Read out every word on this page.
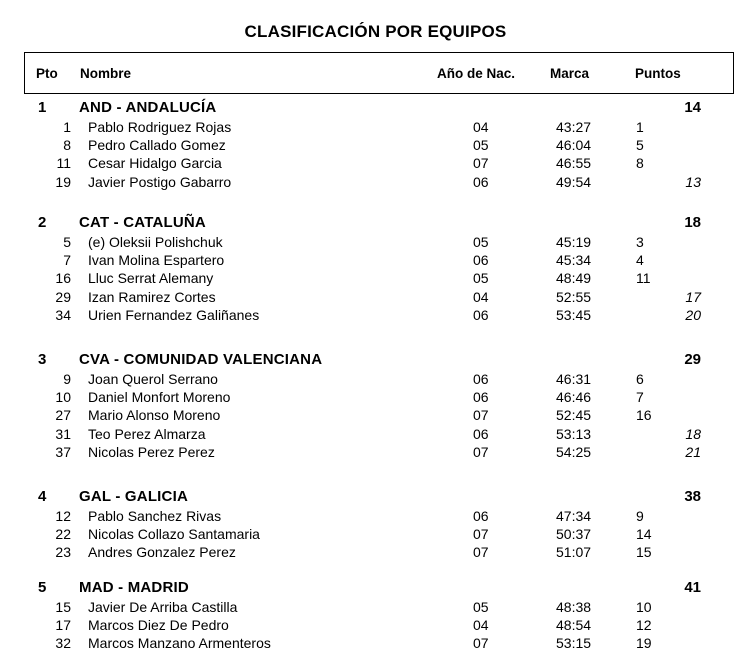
CLASIFICACIÓN POR EQUIPOS
Pto Nombre	Año de Nac.	Marca	Puntos
1 AND - ANDALUCÍA	14
1 Pablo Rodriguez Rojas	04	43:27	1
8 Pedro Callado Gomez	05	46:04	5
11 Cesar Hidalgo Garcia	07	46:55	8
19 Javier Postigo Gabarro	06	49:54	13
2 CAT - CATALUÑA	18
5 (e) Oleksii Polishchuk	05	45:19	3
7 Ivan Molina Espartero	06	45:34	4
16 Lluc Serrat Alemany	05	48:49	11
29 Izan Ramirez Cortes	04	52:55	17
34 Urien Fernandez Galiñanes	06	53:45	20
3 CVA - COMUNIDAD VALENCIANA	29
9 Joan Querol Serrano	06	46:31	6
10 Daniel Monfort Moreno	06	46:46	7
27 Mario Alonso Moreno	07	52:45	16
31 Teo Perez Almarza	06	53:13	18
37 Nicolas Perez Perez	07	54:25	21
4 GAL - GALICIA	38
12 Pablo Sanchez Rivas	06	47:34	9
22 Nicolas Collazo Santamaria	07	50:37	14
23 Andres Gonzalez Perez	07	51:07	15
5 MAD - MADRID	41
15 Javier De Arriba Castilla	05	48:38	10
17 Marcos Diez De Pedro	04	48:54	12
32 Marcos Manzano Armenteros	07	53:15	19
